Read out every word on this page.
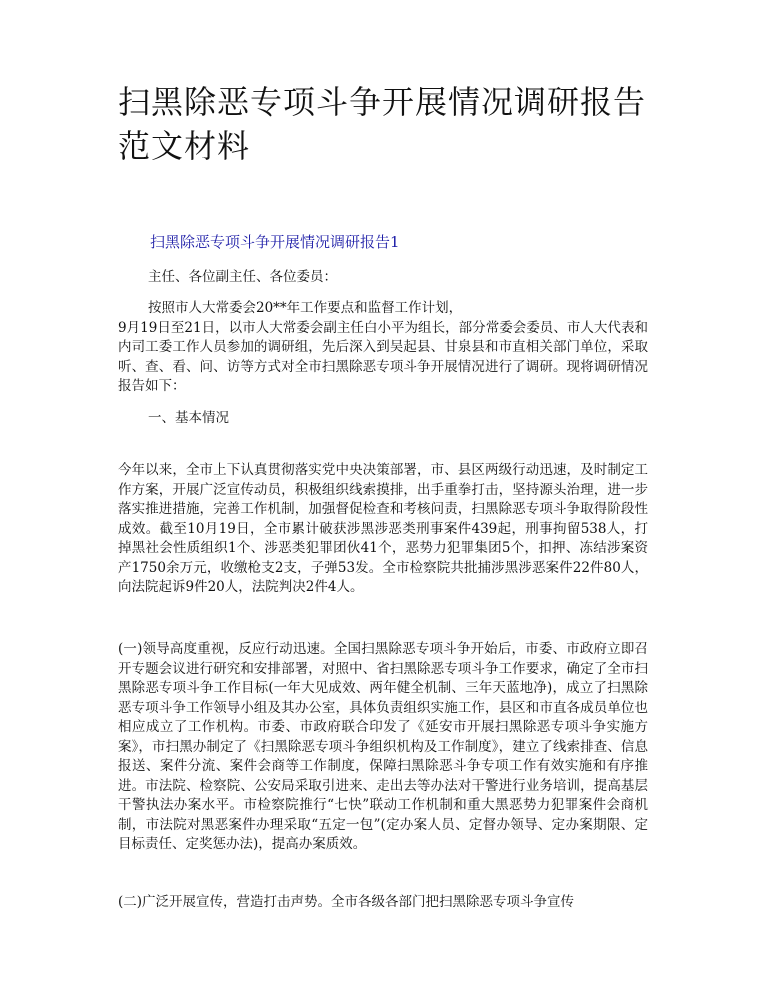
扫黑除恶专项斗争开展情况调研报告范文材料

扫黑除恶专项斗争开展情况调研报告1

主任、各位副主任、各位委员：

按照市人大常委会20**年工作要点和监督工作计划，
9月19日至21日，以市人大常委会副主任白小平为组长，部分常委会委员、市人大代表和内司工委工作人员参加的调研组，先后深入到吴起县、甘泉县和市直相关部门单位，采取听、查、看、问、访等方式对全市扫黑除恶专项斗争开展情况进行了调研。现将调研情况报告如下：

一、基本情况

今年以来，全市上下认真贯彻落实党中央决策部署，市、县区两级行动迅速，及时制定工作方案，开展广泛宣传动员，积极组织线索摸排，出手重拳打击，坚持源头治理，进一步落实推进措施，完善工作机制，加强督促检查和考核问责，扫黑除恶专项斗争取得阶段性成效。截至10月19日，全市累计破获涉黑涉恶类刑事案件439起，刑事拘留538人，打掉黑社会性质组织1个、涉恶类犯罪团伙41个，恶势力犯罪集团5个，扣押、冻结涉案资产1750余万元，收缴枪支2支，子弹53发。全市检察院共批捕涉黑涉恶案件22件80人，向法院起诉9件20人，法院判决2件4人。

(一)领导高度重视，反应行动迅速。全国扫黑除恶专项斗争开始后，市委、市政府立即召开专题会议进行研究和安排部署，对照中、省扫黑除恶专项斗争工作要求，确定了全市扫黑除恶专项斗争工作目标(一年大见成效、两年健全机制、三年天蓝地净)，成立了扫黑除恶专项斗争工作领导小组及其办公室，具体负责组织实施工作，县区和市直各成员单位也相应成立了工作机构。市委、市政府联合印发了《延安市开展扫黑除恶专项斗争实施方案》，市扫黑办制定了《扫黑除恶专项斗争组织机构及工作制度》，建立了线索排查、信息报送、案件分流、案件会商等工作制度，保障扫黑除恶斗争专项工作有效实施和有序推进。市法院、检察院、公安局采取引进来、走出去等办法对干警进行业务培训，提高基层干警执法办案水平。市检察院推行“七快”联动工作机制和重大黑恶势力犯罪案件会商机制，市法院对黑恶案件办理采取“五定一包”(定办案人员、定督办领导、定办案期限、定目标责任、定奖惩办法)，提高办案质效。

(二)广泛开展宣传，营造打击声势。全市各级各部门把扫黑除恶专项斗争宣传
